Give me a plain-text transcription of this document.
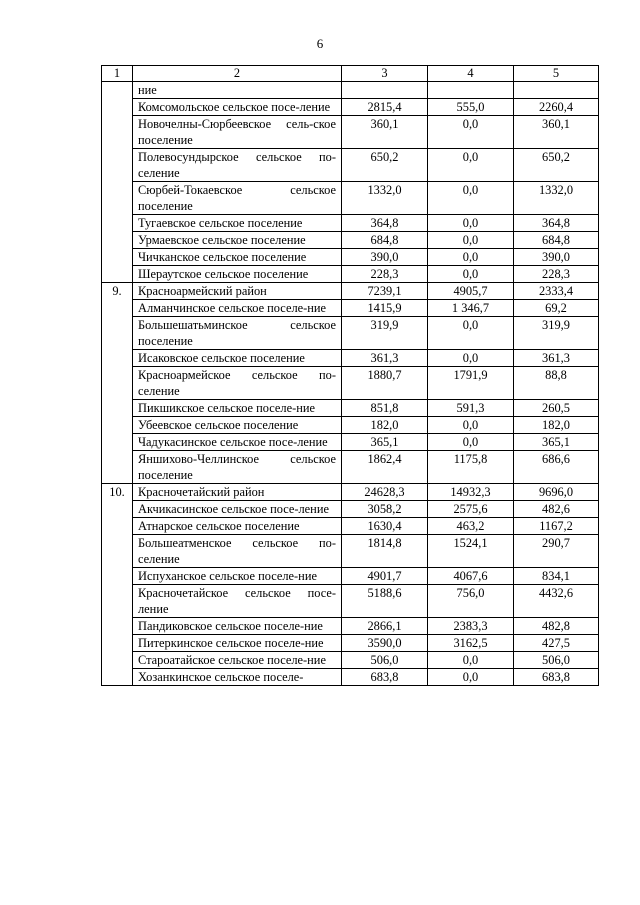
6
1	2	3	4	5
	ние			
	Комсомольское сельское посе-ление	2815,4	555,0	2260,4
	Новочелны-Сюрбеевское сель-ское поселение	360,1	0,0	360,1
	Полевосундырское сельское по-селение	650,2	0,0	650,2
	Сюрбей-Токаевское сельское поселение	1332,0	0,0	1332,0
	Тугаевское сельское поселение	364,8	0,0	364,8
	Урмаевское сельское поселение	684,8	0,0	684,8
	Чичканское сельское поселение	390,0	0,0	390,0
	Шераутское сельское поселение	228,3	0,0	228,3
9.	Красноармейский район	7239,1	4905,7	2333,4
	Алманчинское сельское поселе-ние	1415,9	1 346,7	69,2
	Большешатьминское сельское поселение	319,9	0,0	319,9
	Исаковское сельское поселение	361,3	0,0	361,3
	Красноармейское сельское по-селение	1880,7	1791,9	88,8
	Пикшикское сельское поселе-ние	851,8	591,3	260,5
	Убеевское сельское поселение	182,0	0,0	182,0
	Чадукасинское сельское посе-ление	365,1	0,0	365,1
	Яншихово-Челлинское сельское поселение	1862,4	1175,8	686,6
10.	Красночетайский район	24628,3	14932,3	9696,0
	Акчикасинское сельское посе-ление	3058,2	2575,6	482,6
	Атнарское сельское поселение	1630,4	463,2	1167,2
	Большеатменское сельское по-селение	1814,8	1524,1	290,7
	Испуханское сельское поселе-ние	4901,7	4067,6	834,1
	Красночетайское сельское посе-ление	5188,6	756,0	4432,6
	Пандиковское сельское поселе-ние	2866,1	2383,3	482,8
	Питеркинское сельское поселе-ние	3590,0	3162,5	427,5
	Староатайское сельское поселе-ние	506,0	0,0	506,0
	Хозанкинское сельское поселе-	683,8	0,0	683,8
